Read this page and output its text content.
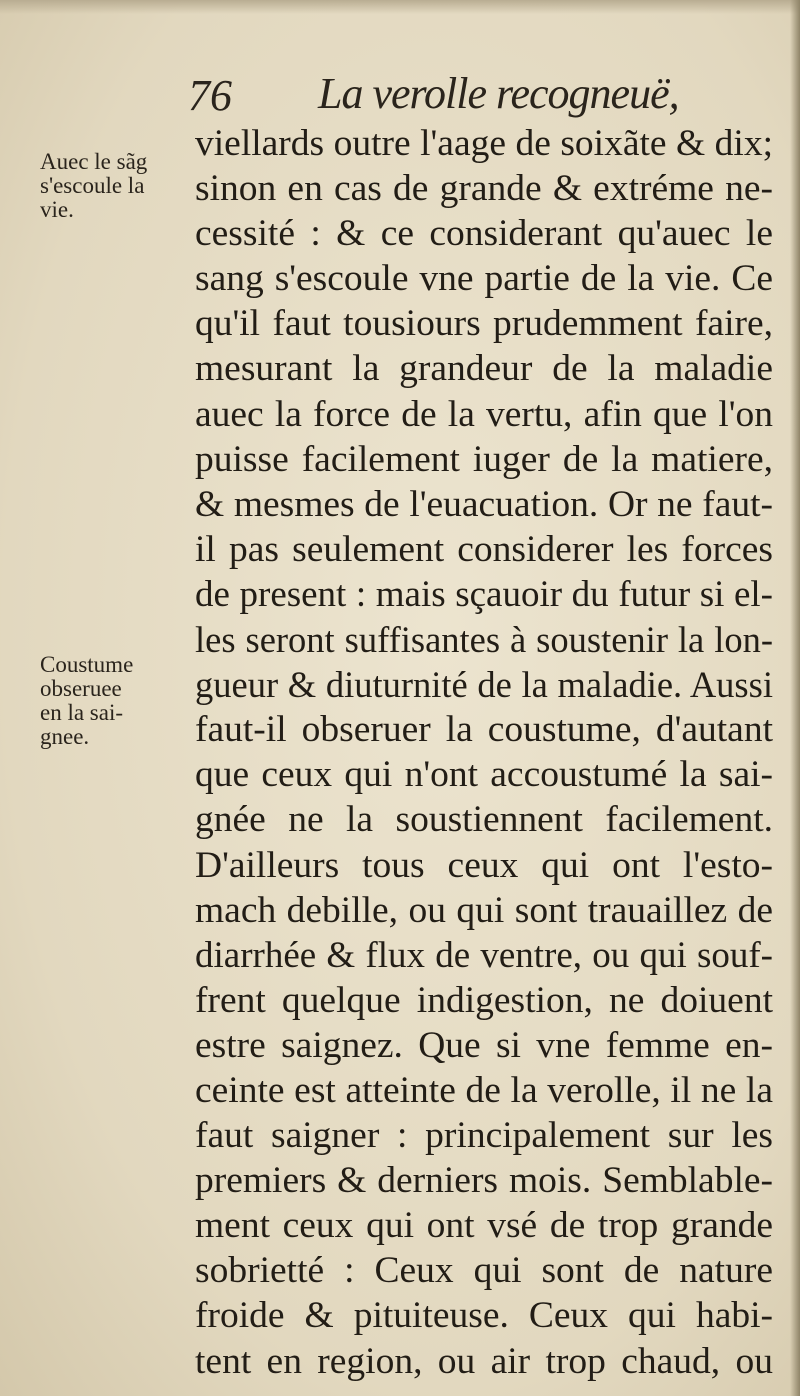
76 La verolle recogneuë,
Auec le sãg
s'escoule la
vie.
Coustume
obseruee
en la sai-
gnee.
viellards outre l'aage de soixãte & dix;
sinon en cas de grande & extréme ne-
cessité : & ce considerant qu'auec le
sang s'escoule vne partie de la vie. Ce
qu'il faut tousiours prudemment faire,
mesurant la grandeur de la maladie
auec la force de la vertu, afin que l'on
puisse facilement iuger de la matiere,
& mesmes de l'euacuation. Or ne faut-
il pas seulement considerer les forces
de present : mais sçauoir du futur si el-
les seront suffisantes à soustenir la lon-
gueur & diuturnité de la maladie. Aussi
faut-il obseruer la coustume, d'autant
que ceux qui n'ont accoustumé la sai-
gnée ne la soustiennent facilement.
D'ailleurs tous ceux qui ont l'esto-
mach debille, ou qui sont trauaillez de
diarrhée & flux de ventre, ou qui souf-
frent quelque indigestion, ne doiuent
estre saignez. Que si vne femme en-
ceinte est atteinte de la verolle, il ne la
faut saigner : principalement sur les
premiers & derniers mois. Semblable-
ment ceux qui ont vsé de trop grande
sobrietté : Ceux qui sont de nature
froide & pituiteuse. Ceux qui habi-
tent en region, ou air trop chaud, ou
